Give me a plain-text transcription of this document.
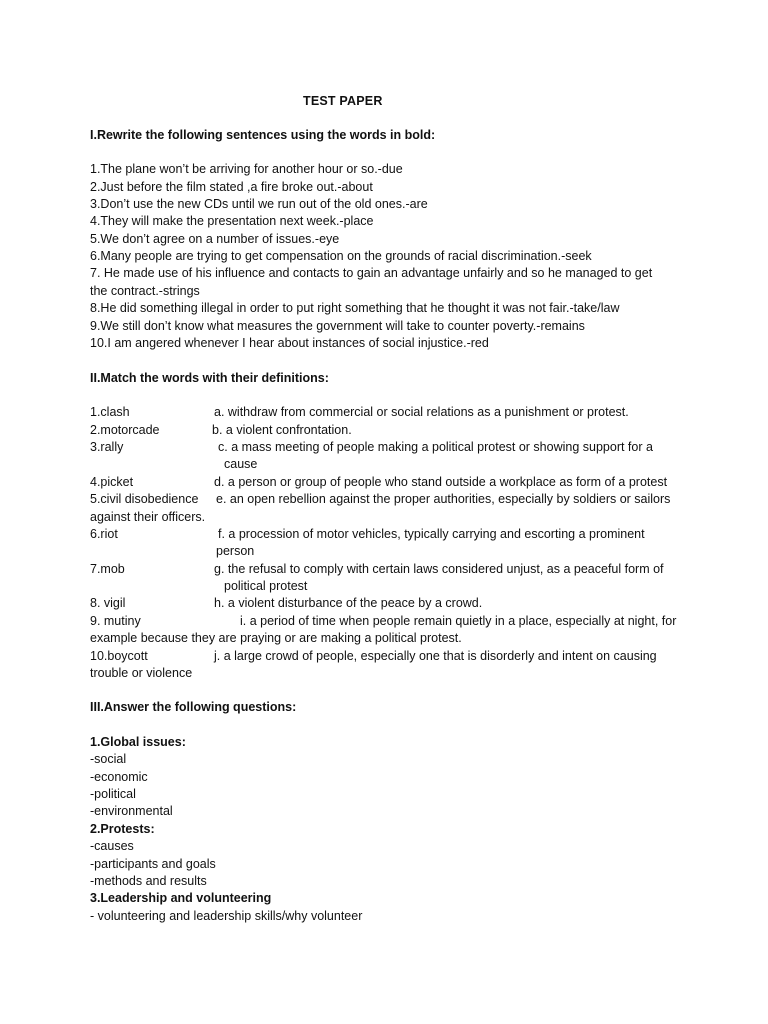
TEST PAPER
I.Rewrite the following sentences using the words in bold:
1.The plane won’t be arriving for another hour or so.-due
2.Just before the film stated ,a fire broke out.-about
3.Don’t use the new CDs until we run out of the old ones.-are
4.They will make the presentation next week.-place
5.We don’t agree on a number of issues.-eye
6.Many people are trying to get compensation on the grounds of racial discrimination.-seek
7. He made use of his influence and contacts to gain an advantage unfairly and so he managed to get
the contract.-strings
8.He did something illegal in order to put right something that he thought it was not fair.-take/law
9.We still don’t know what measures the government will take to counter poverty.-remains
10.I am angered whenever I hear about instances of social injustice.-red
II.Match the words with their definitions:
1.clash	a. withdraw from commercial or social relations as a punishment or protest.
2.motorcade	b. a violent confrontation.
3.rally	c. a mass meeting of people making a political protest or showing support for a
cause
4.picket	d. a person or group of people who stand outside a workplace as form of a protest
5.civil disobedience e. an open rebellion against the proper authorities, especially by soldiers or sailors
against their officers.
6.riot	f. a procession of motor vehicles, typically carrying and escorting a prominent
person
7.mob	g. the refusal to comply with certain laws considered unjust, as a peaceful form of
political protest
8. vigil	h. a violent disturbance of the peace by a crowd.
9. mutiny	i. a period of time when people remain quietly in a place, especially at night, for
example because they are praying or are making a political protest.
10.boycott	j. a large crowd of people, especially one that is disorderly and intent on causing
trouble or violence
III.Answer the following questions:
1.Global issues:
-social
-economic
-political
-environmental
2.Protests:
-causes
-participants and goals
-methods and results
3.Leadership and volunteering
- volunteering and leadership skills/why volunteer
